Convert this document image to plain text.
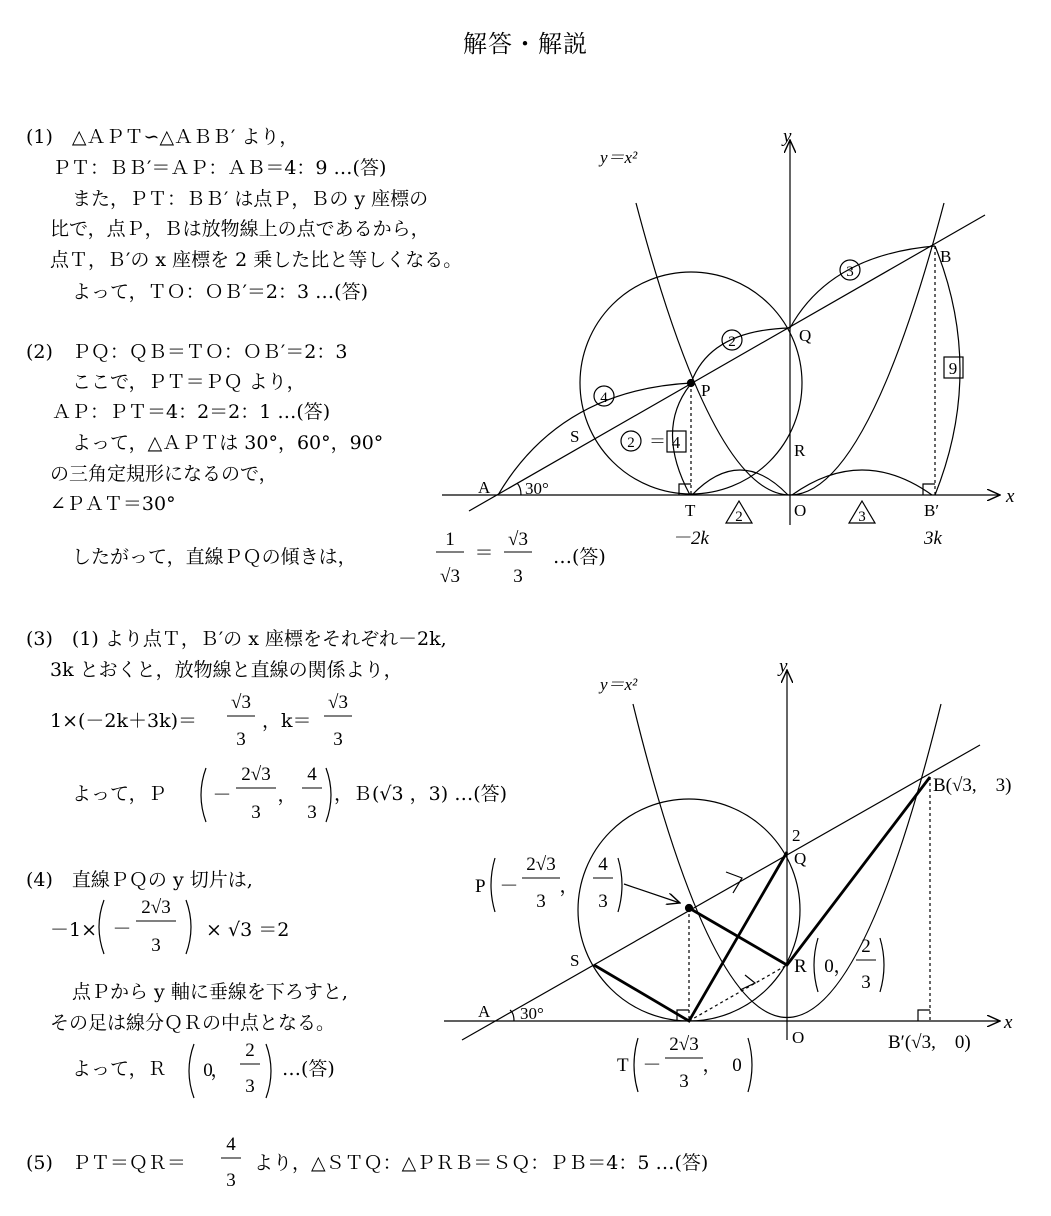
解答・解説
(1)　△ＡＰＴ∽△ＡＢＢ′ より，
ＰＴ：ＢＢ′＝ＡＰ：ＡＢ＝4：9 …(答)
また，ＰＴ：ＢＢ′ は点Ｐ，Ｂの y 座標の
比で，点Ｐ，Ｂは放物線上の点であるから，
点Ｔ，Ｂ′の x 座標を 2 乗した比と等しくなる。
よって，ＴＯ：ＯＢ′＝2：3 …(答)
(2)　ＰＱ：ＱＢ＝ＴＯ：ＯＢ′＝2：3
ここで，ＰＴ＝ＰＱ より，
ＡＰ：ＰＴ＝4：2＝2：1 …(答)
よって，△ＡＰＴは 30°，60°，90°
の三角定規形になるので，
∠ＰＡＴ＝30°
したがって，直線ＰＱの傾きは，	…(答)
(3)　(1) より点Ｔ，Ｂ′の x 座標をそれぞれ－2k,
3k とおくと，放物線と直線の関係より，
1×(－2k＋3k)＝	，k＝
よって，Ｐ	，Ｂ(√3 ，3) …(答)
(4)　直線ＰＱの y 切片は,
－1×	× √3 ＝2
点Ｐから y 軸に垂線を下ろすと,
その足は線分ＱＲの中点となる。
よって，Ｒ	…(答)
(5)　ＰＴ＝ＱＲ＝	より，△ＳＴＱ：△ＰＲＢ＝ＳＱ：ＰＢ＝4：5 …(答)
1
√3
＝
√3
3
√3
3
√3
3
－
2√3
3
，
4
3
－
2√3
3
0
，
2
3
4
3
y＝x²
y
x
B
Q
P
R
S
A 30°
T	O	B′
3
2
4
2 ＝
9
4
2	3
－2k	3k
y＝x²
y
x
B(√3,　3)
2
Q
S
A 30°
O
P －
2√3
3
，
4
3
R 0 ，
2
3
T －
2√3
3
， 0
B′(√3,　0)
